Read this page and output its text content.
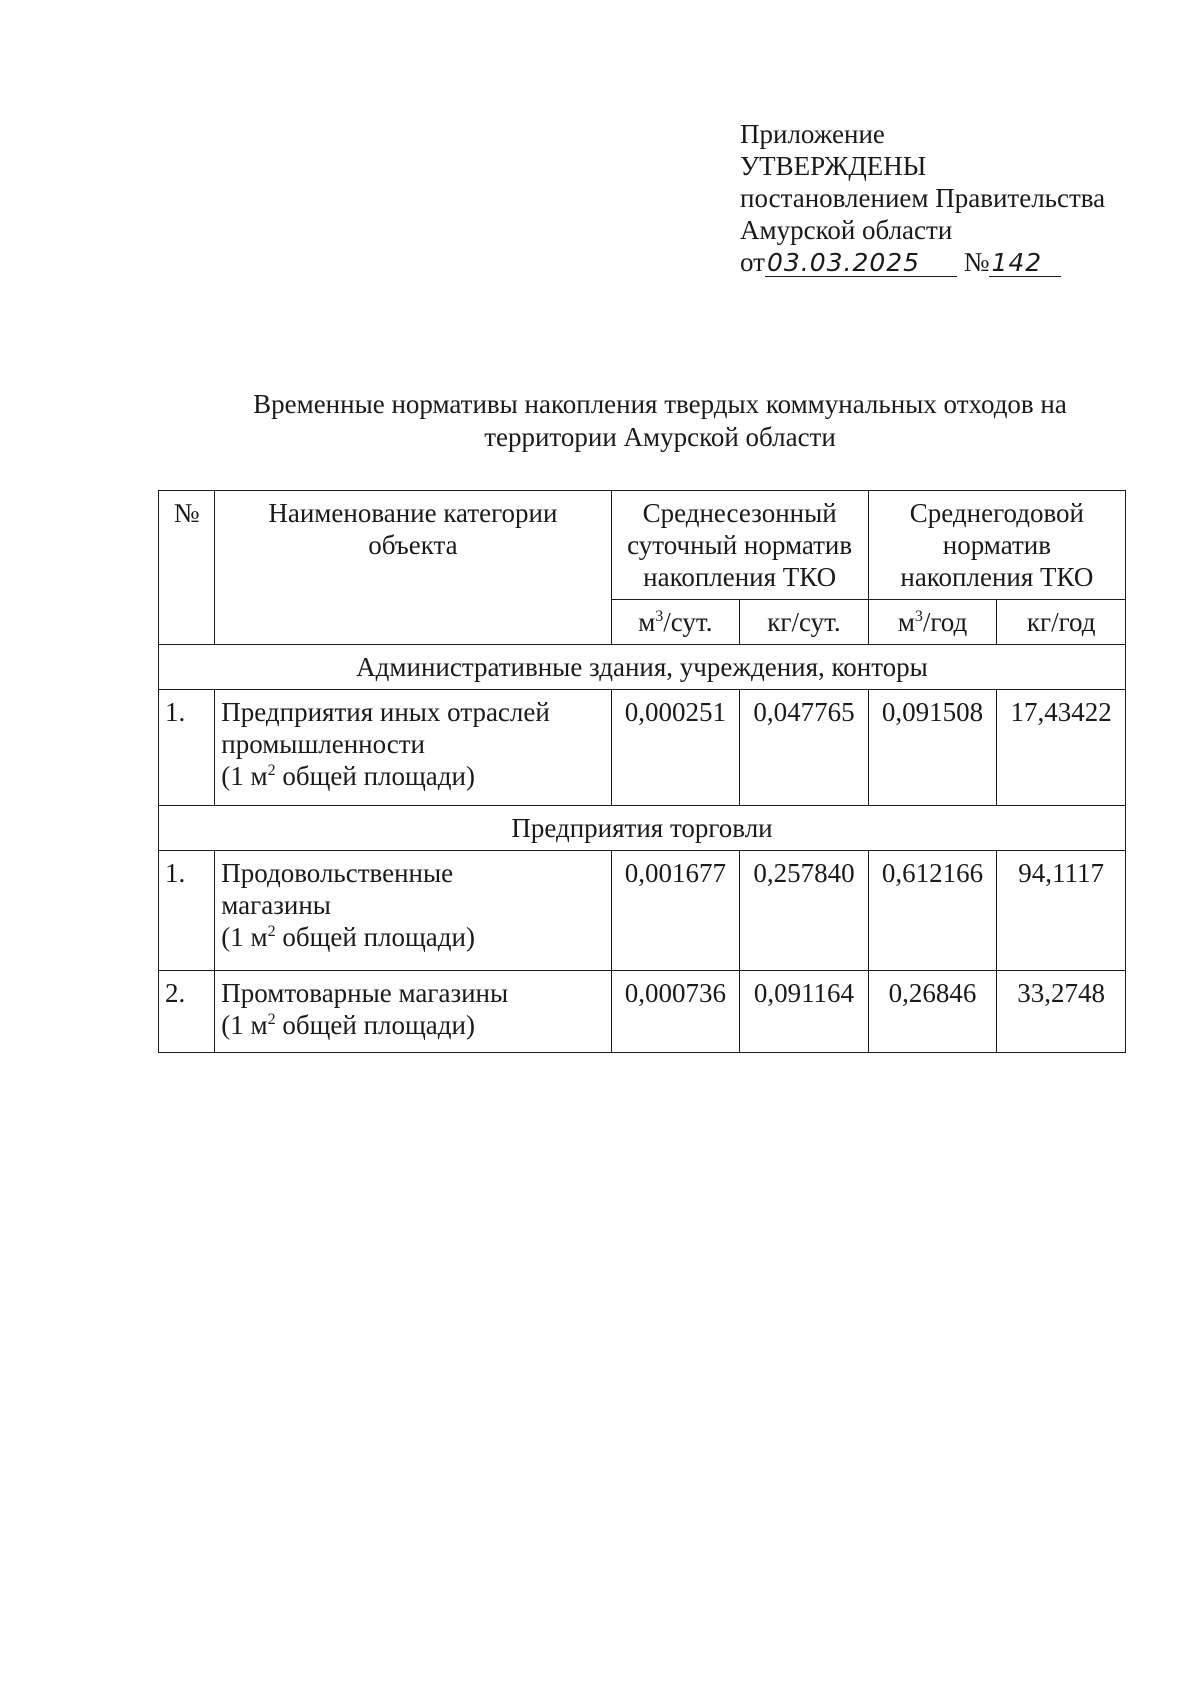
Приложение
УТВЕРЖДЕНЫ
постановлением Правительства
Амурской области
от03.03.2025 №142
Временные нормативы накопления твердых коммунальных отходов на
территории Амурской области
№	Наименование категории объекта	Среднесезонный суточный норматив накопления ТКО		Среднегодовой норматив накопления ТКО	
		$м^3$/сут.	кг/сут.	$м^3$/год	кг/год
Административные здания, учреждения, конторы					
1.	Предприятия иных отраслей
промышленности
(1 $м^2$ общей площади)	0,000251	0,047765	0,091508	17,43422
Предприятия торговли					
1.	Продовольственные
магазины
(1 $м^2$ общей площади)	0,001677	0,257840	0,612166	94,1117
2.	Промтоварные магазины
(1 $м^2$ общей площади)	0,000736	0,091164	0,26846	33,2748
